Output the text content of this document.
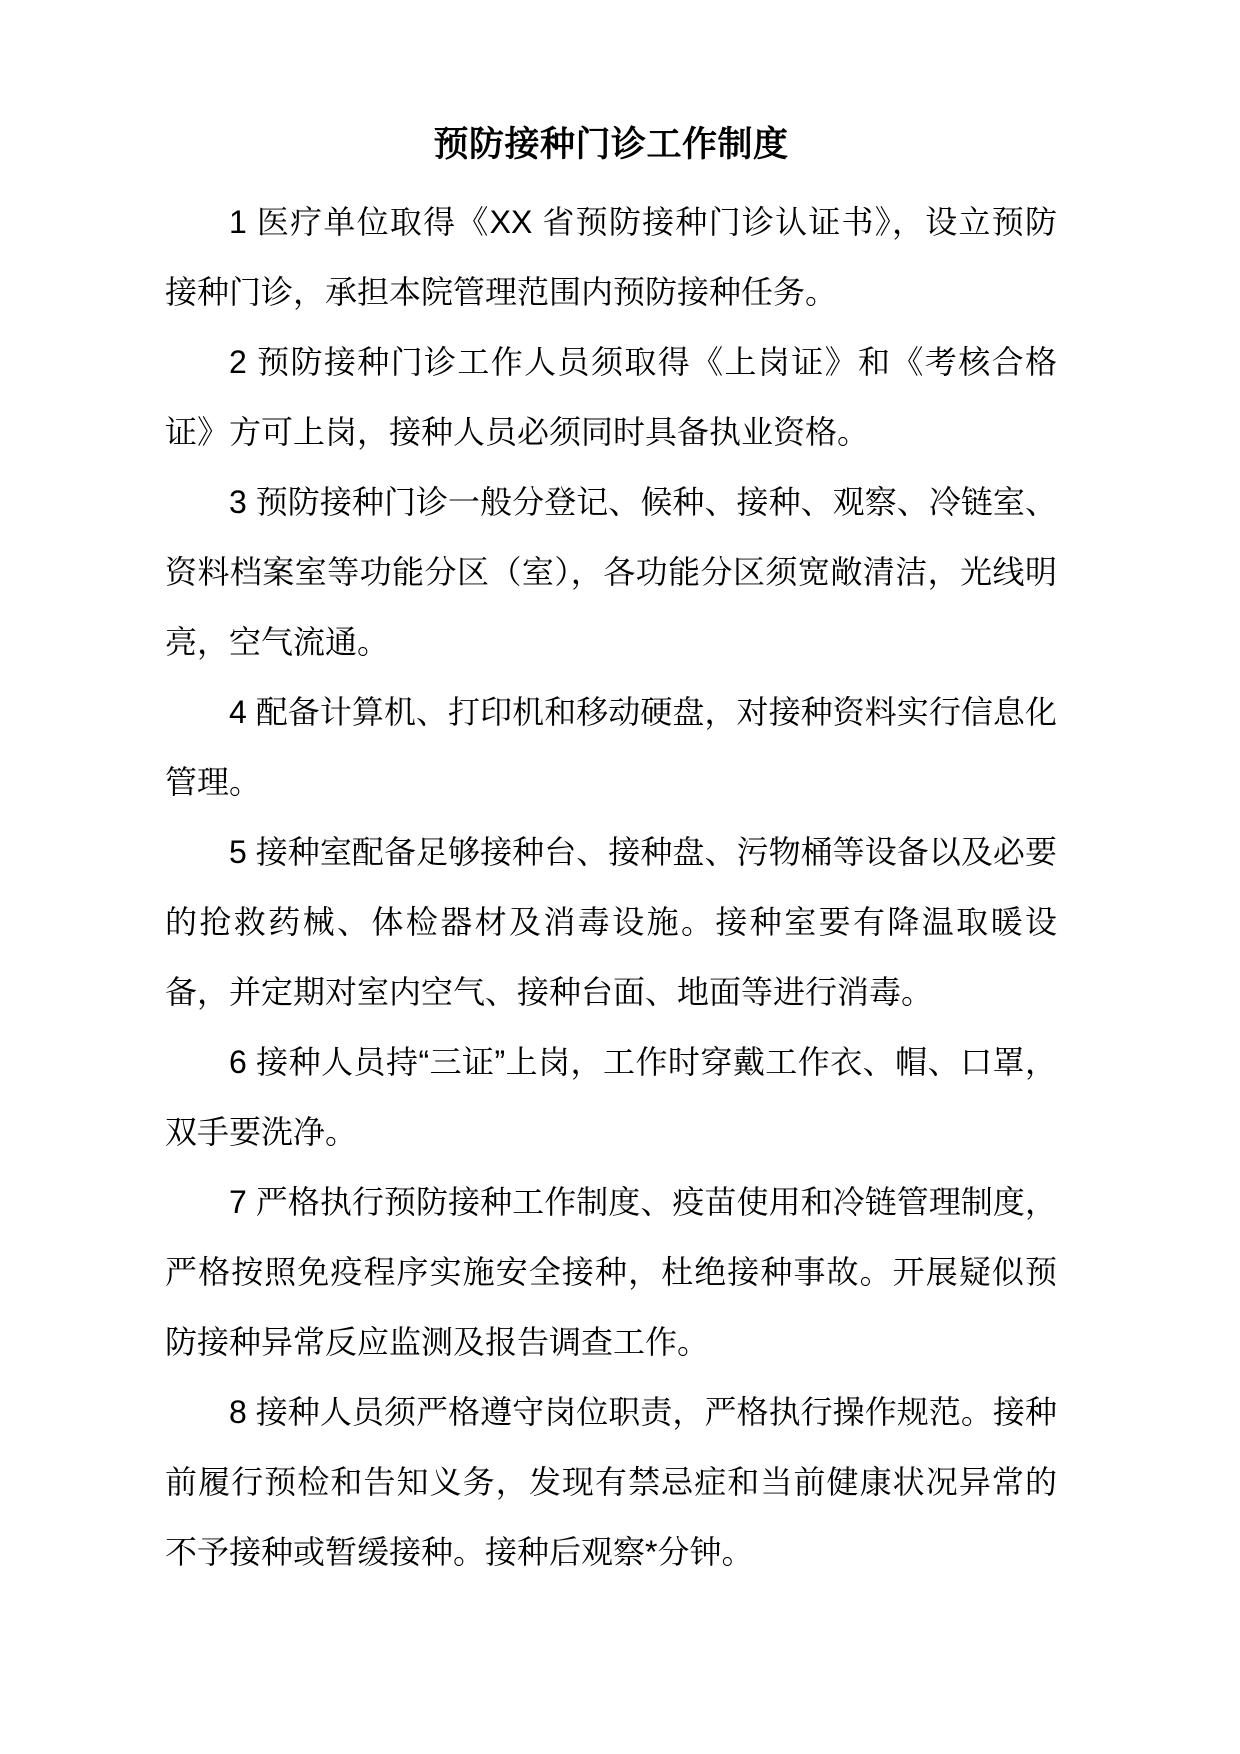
预防接种门诊工作制度

1 医疗单位取得《XX 省预防接种门诊认证书》，设立预防接种门诊，承担本院管理范围内预防接种任务。

2 预防接种门诊工作人员须取得《上岗证》和《考核合格证》方可上岗，接种人员必须同时具备执业资格。

3 预防接种门诊一般分登记、候种、接种、观察、冷链室、资料档案室等功能分区（室），各功能分区须宽敞清洁，光线明亮，空气流通。

4 配备计算机、打印机和移动硬盘，对接种资料实行信息化管理。

5 接种室配备足够接种台、接种盘、污物桶等设备以及必要的抢救药械、体检器材及消毒设施。接种室要有降温取暖设备，并定期对室内空气、接种台面、地面等进行消毒。

6 接种人员持“三证”上岗，工作时穿戴工作衣、帽、口罩，双手要洗净。

7 严格执行预防接种工作制度、疫苗使用和冷链管理制度，严格按照免疫程序实施安全接种，杜绝接种事故。开展疑似预防接种异常反应监测及报告调查工作。

8 接种人员须严格遵守岗位职责，严格执行操作规范。接种前履行预检和告知义务，发现有禁忌症和当前健康状况异常的不予接种或暂缓接种。接种后观察*分钟。
